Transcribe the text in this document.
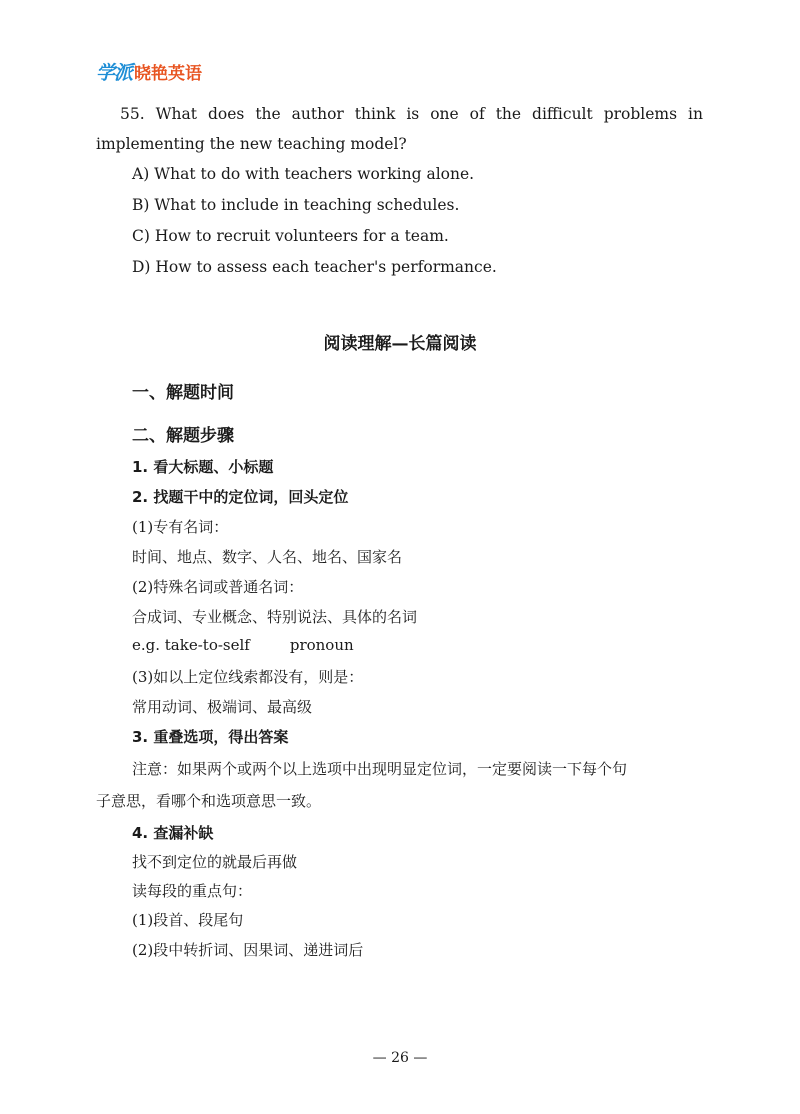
学派 晓艳英语
55. What does the author think is one of the difficult problems in
implementing the new teaching model?
A) What to do with teachers working alone.
B) What to include in teaching schedules.
C) How to recruit volunteers for a team.
D) How to assess each teacher's performance.
阅读理解—长篇阅读
一、解题时间
二、解题步骤
1. 看大标题、小标题
2. 找题干中的定位词，回头定位
(1)专有名词：
时间、地点、数字、人名、地名、国家名
(2)特殊名词或普通名词：
合成词、专业概念、特别说法、具体的名词
e.g. take-to-self	pronoun
(3)如以上定位线索都没有，则是：
常用动词、极端词、最高级
3. 重叠选项，得出答案
注意：如果两个或两个以上选项中出现明显定位词，一定要阅读一下每个句
子意思，看哪个和选项意思一致。
4. 查漏补缺
找不到定位的就最后再做
读每段的重点句：
(1)段首、段尾句
(2)段中转折词、因果词、递进词后
— 26 —
